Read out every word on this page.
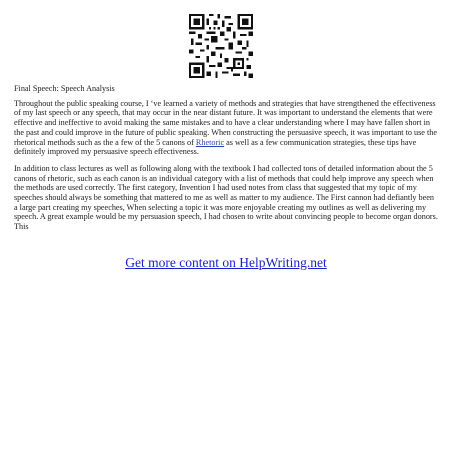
Final Speech: Speech Analysis

Throughout the public speaking course, I ‘ve learned a variety of methods and strategies that have strengthened the effectiveness of my last speech or any speech, that may occur in the near distant future. It was important to understand the elements that were effective and ineffective to avoid making the same mistakes and to have a clear understanding where I may have fallen short in the past and could improve in the future of public speaking. When constructing the persuasive speech, it was important to use the rhetorical methods such as the a few of the 5 canons of Rhetoric as well as a few communication strategies, these tips have definitely improved my persuasive speech effectiveness.

In addition to class lectures as well as following along with the textbook I had collected tons of detailed information about the 5 canons of rhetoric, such as each canon is an individual category with a list of methods that could help improve any speech when the methods are used correctly. The first category, Invention I had used notes from class that suggested that my topic of my speeches should always be something that mattered to me as well as matter to my audience. The First cannon had defiantly been a large part creating my speeches, When selecting a topic it was more enjoyable creating my outlines as well as delivering my speech. A great example would be my persuasion speech, I had chosen to write about convincing people to become organ donors. This

Get more content on HelpWriting.net
